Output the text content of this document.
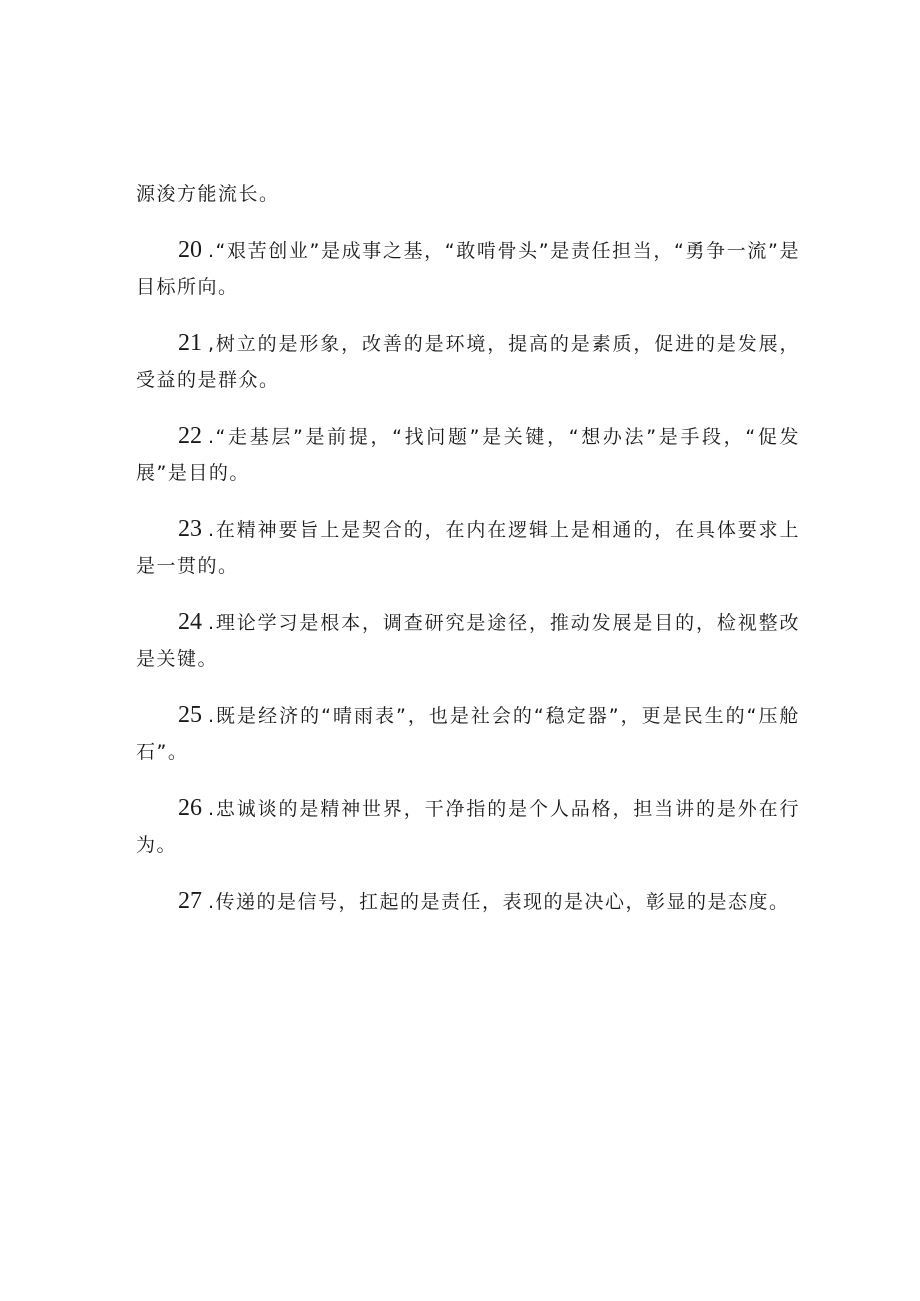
源浚方能流长。
20 .“艰苦创业”是成事之基，“敢啃骨头”是责任担当，“勇争一流”是目标所向。
21 ,树立的是形象，改善的是环境，提高的是素质，促进的是发展，受益的是群众。
22 .“走基层”是前提，“找问题”是关键，“想办法”是手段，“促发展”是目的。
23 .在精神要旨上是契合的，在内在逻辑上是相通的，在具体要求上是一贯的。
24 .理论学习是根本，调查研究是途径，推动发展是目的，检视整改是关键。
25 .既是经济的“晴雨表”，也是社会的“稳定器”，更是民生的“压舱石”。
26 .忠诚谈的是精神世界，干净指的是个人品格，担当讲的是外在行为。
27 .传递的是信号，扛起的是责任，表现的是决心，彰显的是态度。
